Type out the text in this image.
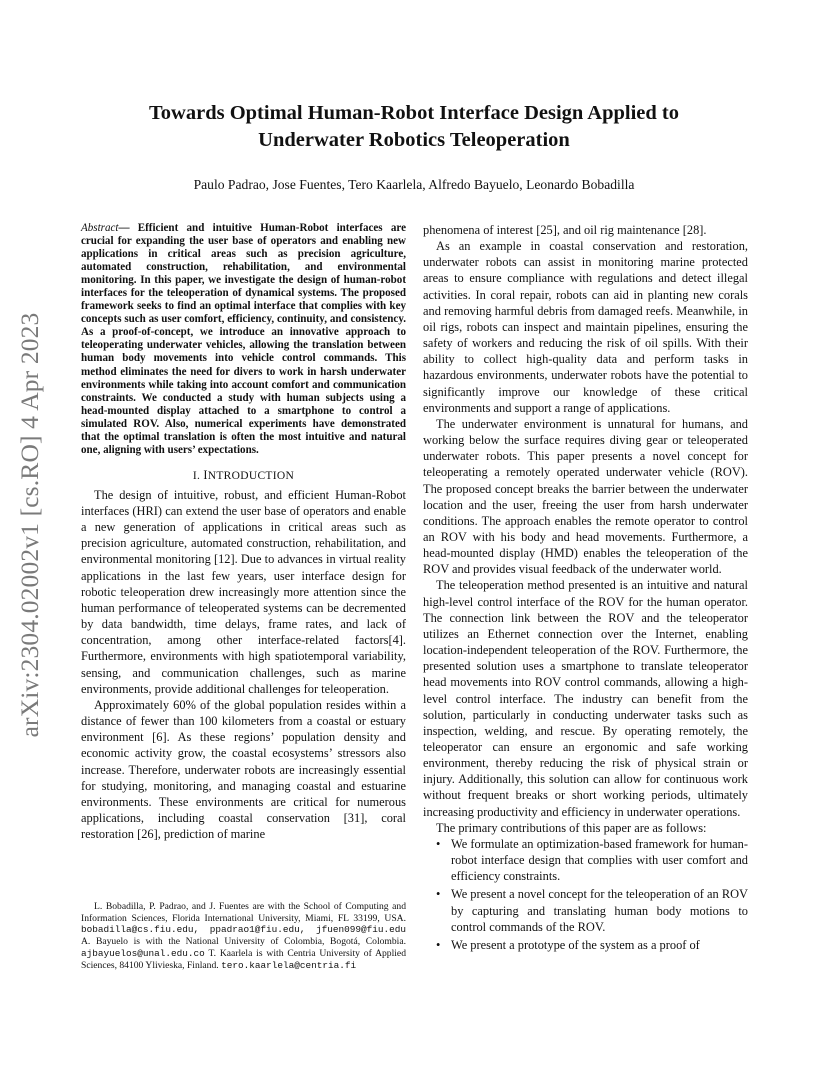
arXiv:2304.02002v1 [cs.RO] 4 Apr 2023
Towards Optimal Human-Robot Interface Design Applied to
Underwater Robotics Teleoperation

Paulo Padrao, Jose Fuentes, Tero Kaarlela, Alfredo Bayuelo, Leonardo Bobadilla

Abstract— Efficient and intuitive Human-Robot interfaces are crucial for expanding the user base of operators and enabling new applications in critical areas such as precision agriculture, automated construction, rehabilitation, and environmental monitoring. In this paper, we investigate the design of human-robot interfaces for the teleoperation of dynamical systems. The proposed framework seeks to find an optimal interface that complies with key concepts such as user comfort, efficiency, continuity, and consistency. As a proof-of-concept, we introduce an innovative approach to teleoperating underwater vehicles, allowing the translation between human body movements into vehicle control commands. This method eliminates the need for divers to work in harsh underwater environments while taking into account comfort and communication constraints. We conducted a study with human subjects using a head-mounted display attached to a smartphone to control a simulated ROV. Also, numerical experiments have demonstrated that the optimal translation is often the most intuitive and natural one, aligning with users’ expectations.

I. INTRODUCTION

The design of intuitive, robust, and efficient Human-Robot interfaces (HRI) can extend the user base of operators and enable a new generation of applications in critical areas such as precision agriculture, automated construction, rehabilitation, and environmental monitoring [12]. Due to advances in virtual reality applications in the last few years, user interface design for robotic teleoperation drew increasingly more attention since the human performance of teleoperated systems can be decremented by data bandwidth, time delays, frame rates, and lack of concentration, among other interface-related factors[4]. Furthermore, environments with high spatiotemporal variability, sensing, and communication challenges, such as marine environments, provide additional challenges for teleoperation.

Approximately 60% of the global population resides within a distance of fewer than 100 kilometers from a coastal or estuary environment [6]. As these regions’ population density and economic activity grow, the coastal ecosystems’ stressors also increase. Therefore, underwater robots are increasingly essential for studying, monitoring, and managing coastal and estuarine environments. These environments are critical for numerous applications, including coastal conservation [31], coral restoration [26], prediction of marine

phenomena of interest [25], and oil rig maintenance [28].

As an example in coastal conservation and restoration, underwater robots can assist in monitoring marine protected areas to ensure compliance with regulations and detect illegal activities. In coral repair, robots can aid in planting new corals and removing harmful debris from damaged reefs. Meanwhile, in oil rigs, robots can inspect and maintain pipelines, ensuring the safety of workers and reducing the risk of oil spills. With their ability to collect high-quality data and perform tasks in hazardous environments, underwater robots have the potential to significantly improve our knowledge of these critical environments and support a range of applications.

The underwater environment is unnatural for humans, and working below the surface requires diving gear or teleoperated underwater robots. This paper presents a novel concept for teleoperating a remotely operated underwater vehicle (ROV). The proposed concept breaks the barrier between the underwater location and the user, freeing the user from harsh underwater conditions. The approach enables the remote operator to control an ROV with his body and head movements. Furthermore, a head-mounted display (HMD) enables the teleoperation of the ROV and provides visual feedback of the underwater world.

The teleoperation method presented is an intuitive and natural high-level control interface of the ROV for the human operator. The connection link between the ROV and the teleoperator utilizes an Ethernet connection over the Internet, enabling location-independent teleoperation of the ROV. Furthermore, the presented solution uses a smartphone to translate teleoperator head movements into ROV control commands, allowing a high-level control interface. The industry can benefit from the solution, particularly in conducting underwater tasks such as inspection, welding, and rescue. By operating remotely, the teleoperator can ensure an ergonomic and safe working environment, thereby reducing the risk of physical strain or injury. Additionally, this solution can allow for continuous work without frequent breaks or short working periods, ultimately increasing productivity and efficiency in underwater operations.

The primary contributions of this paper are as follows:

• We formulate an optimization-based framework for human-robot interface design that complies with user comfort and efficiency constraints.
• We present a novel concept for the teleoperation of an ROV by capturing and translating human body motions to control commands of the ROV.
• We present a prototype of the system as a proof of

L. Bobadilla, P. Padrao, and J. Fuentes are with the School of Computing and Information Sciences, Florida International University, Miami, FL 33199, USA. bobadilla@cs.fiu.edu, ppadrao1@fiu.edu, jfuen099@fiu.edu A. Bayuelo is with the National University of Colombia, Bogotá, Colombia. ajbayuelos@unal.edu.co T. Kaarlela is with Centria University of Applied Sciences, 84100 Ylivieska, Finland. tero.kaarlela@centria.fi
